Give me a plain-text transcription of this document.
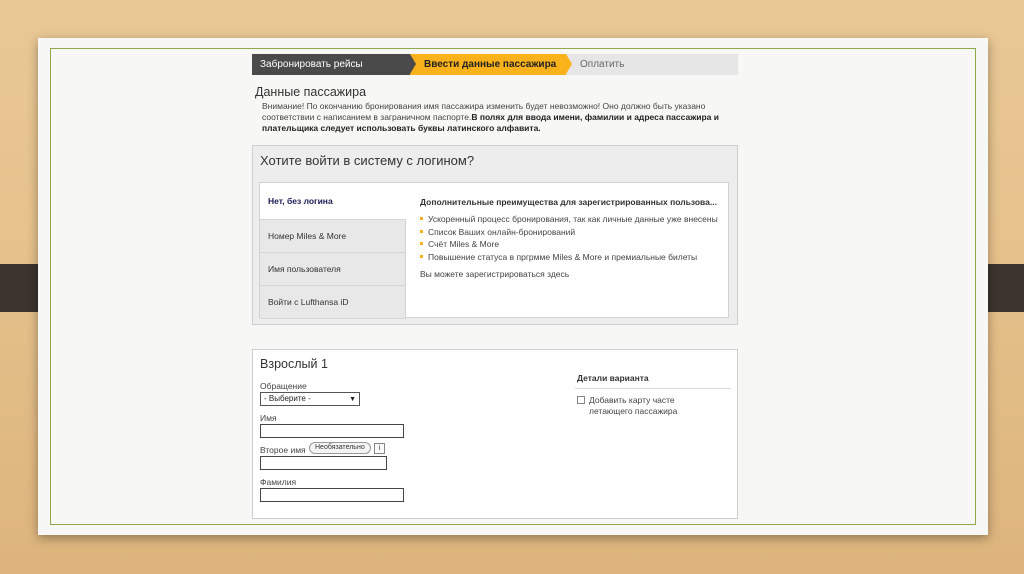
Забронировать рейсы	Ввести данные пассажира Оплатить
Данные пассажира
Внимание! По окончанию бронирования имя пассажира изменить будет невозможно! Оно должно быть указано соответствии с написанием в заграничном паспорте.В полях для ввода имени, фамилии и адреса пассажира и плательщика следует использовать буквы латинского алфавита.
Хотите войти в систему с логином?
Нет, без логина
Номер Miles & More
Имя пользователя
Войти с Lufthansa iD
Дополнительные преимущества для зарегистрированных пользова...
Ускоренный процесс бронирования, так как личные данные уже внесены
Список Ваших онлайн-бронирований
Счёт Miles & More
Повышение статуса в пргрмме Miles & More и премиальные билеты
Вы можете зарегистрироваться здесь
Взрослый 1
Обращение
- Выберите -	▼
Имя
Второе имя	Необязательно	i
Фамилия
Детали варианта
Добавить карту часте летающего пассажира
